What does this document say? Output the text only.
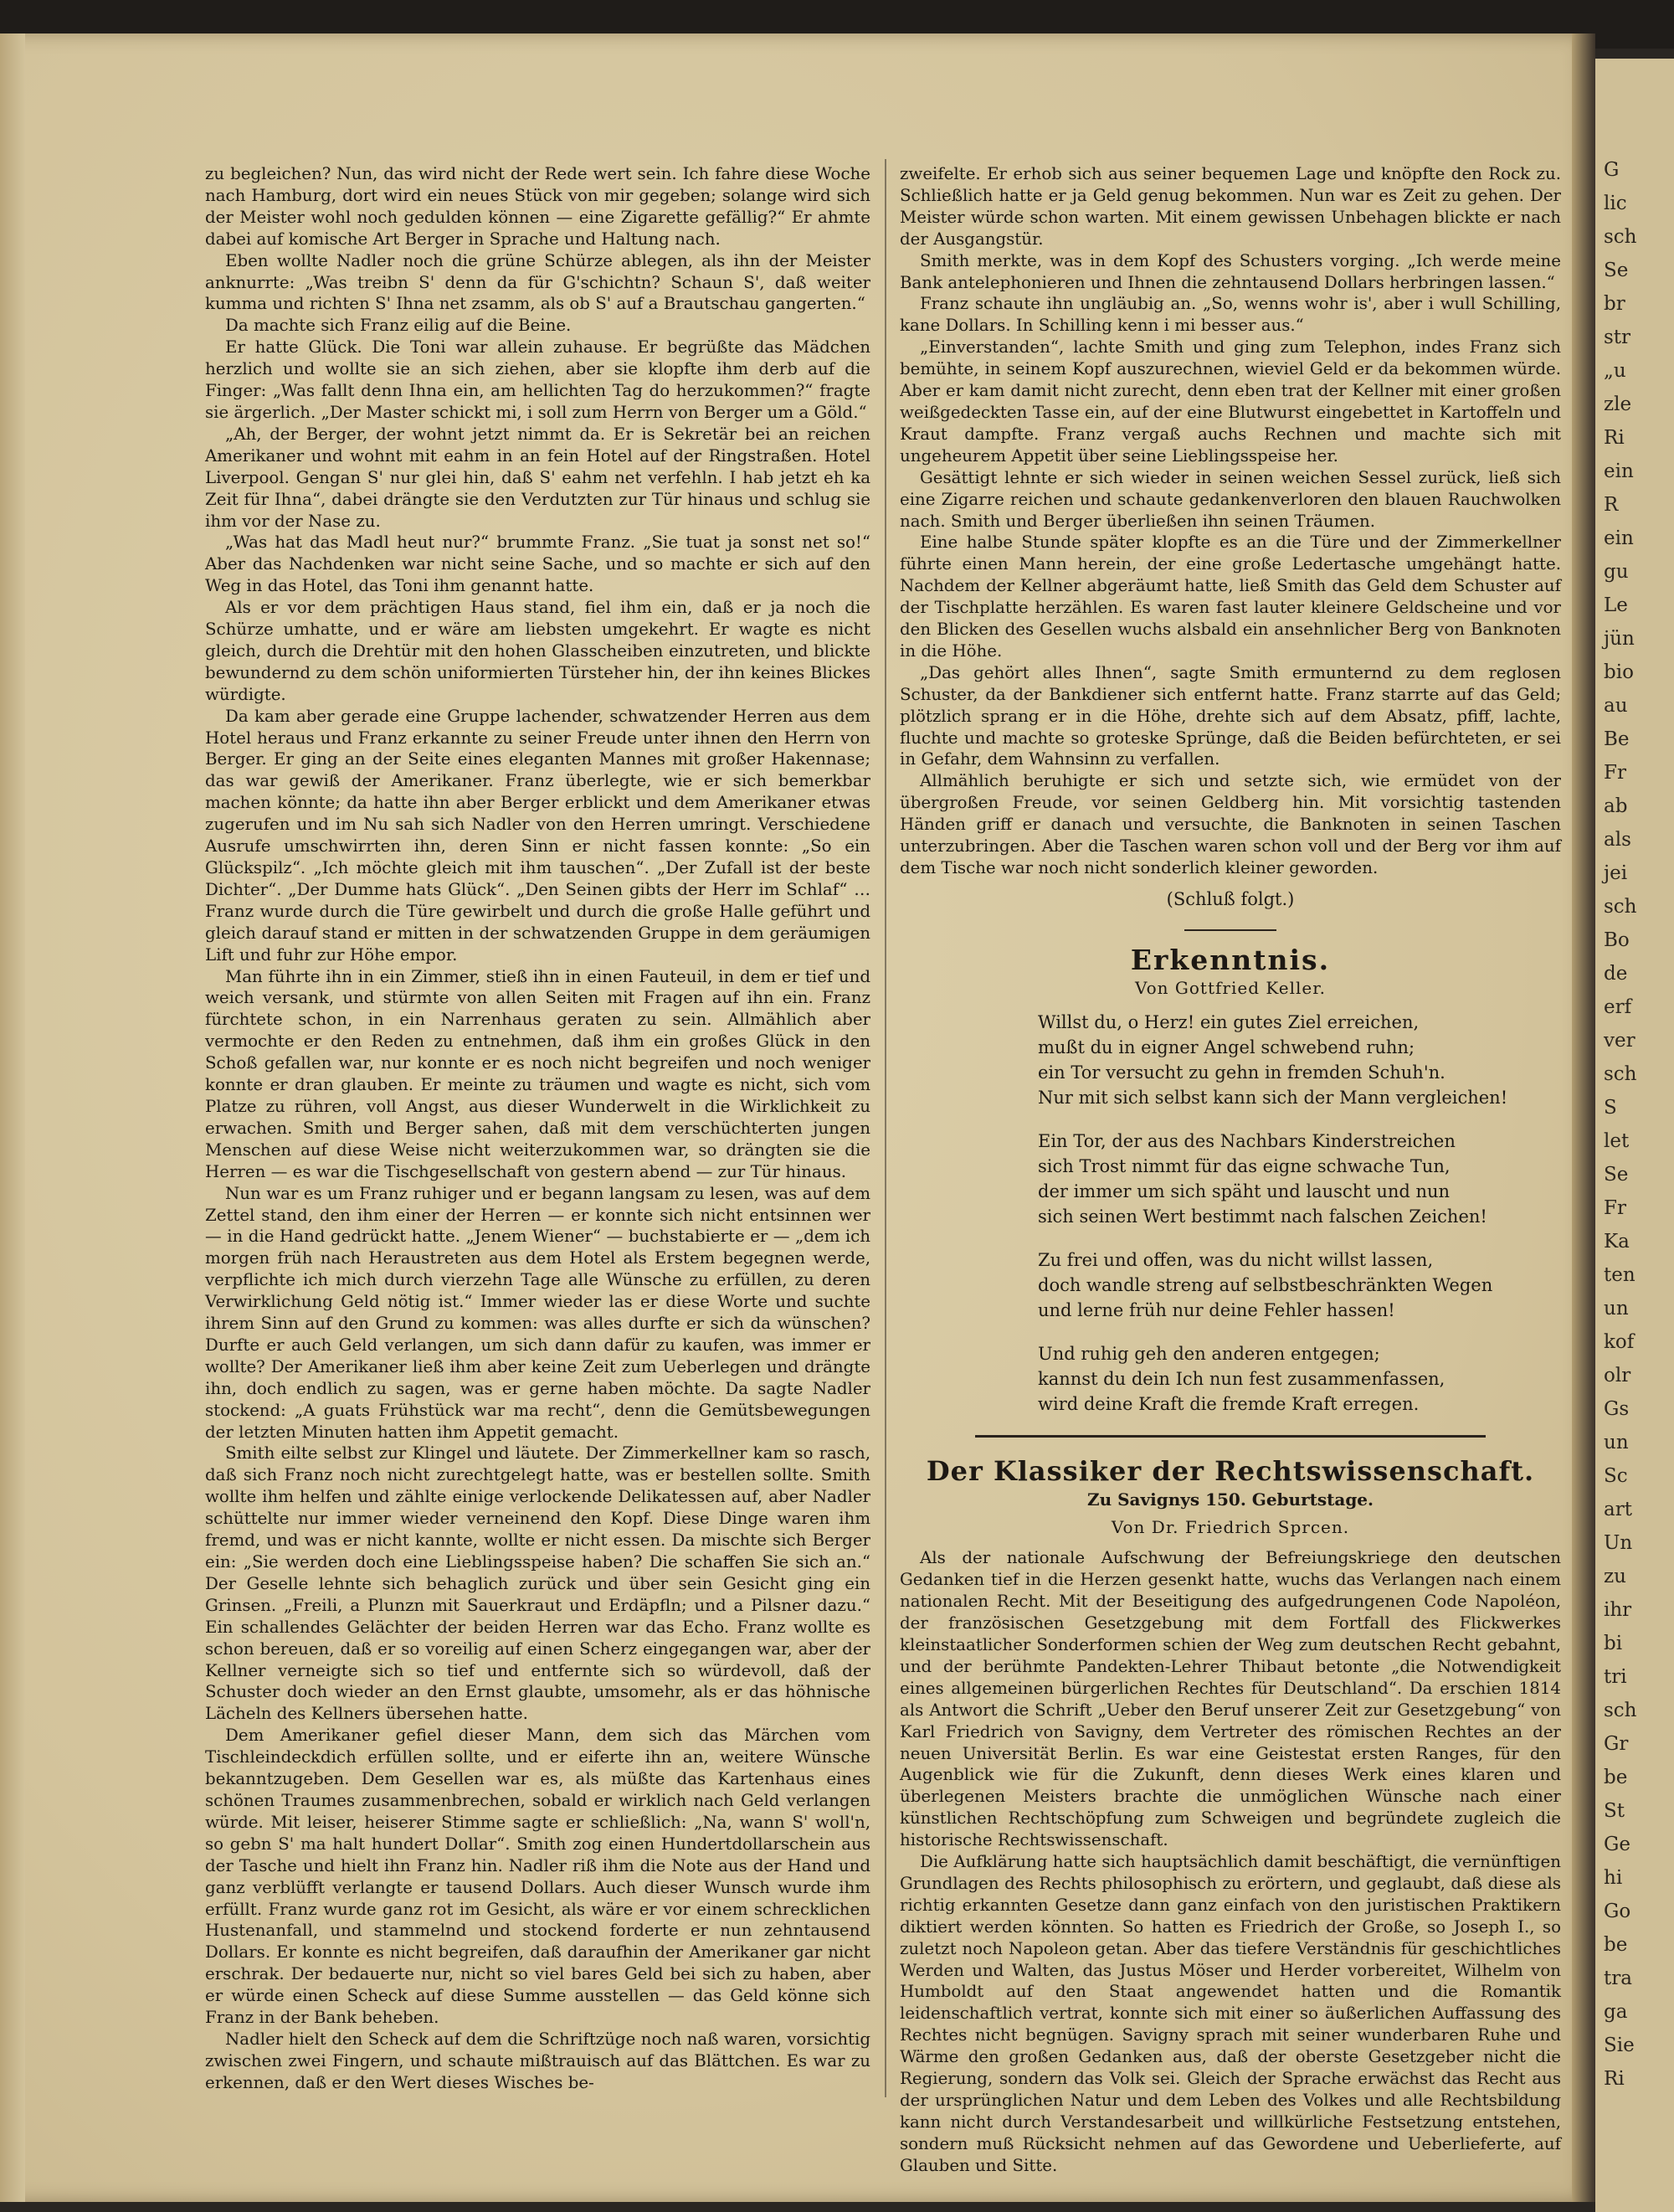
G
lic
sch
Se
br
str
„u
zle
Ri
ein
R
ein
gu
Le
jün
bio
au
Be
Fr
ab
als
jei
sch
Bo
de
erf
ver
sch
S
let
Se
Fr
Ka
ten
un
kof
olr
Gs
un
Sc
art
Un
zu
ihr
bi
tri
sch
Gr
be
St
Ge
hi
Go
be
tra
ga
Sie
Ri

zu begleichen? Nun, das wird nicht der Rede wert sein. Ich fahre diese Woche nach Hamburg, dort wird ein neues Stück von mir gegeben; solange wird sich der Meister wohl noch gedulden können — eine Zigarette gefällig?“ Er ahmte dabei auf komische Art Berger in Sprache und Haltung nach.

Eben wollte Nadler noch die grüne Schürze ablegen, als ihn der Meister anknurrte: „Was treibn S' denn da für G'schichtn? Schaun S', daß weiter kumma und richten S' Ihna net zsamm, als ob S' auf a Brautschau gangerten.“

Da machte sich Franz eilig auf die Beine.

Er hatte Glück. Die Toni war allein zuhause. Er begrüßte das Mädchen herzlich und wollte sie an sich ziehen, aber sie klopfte ihm derb auf die Finger: „Was fallt denn Ihna ein, am hellichten Tag do herzukommen?“ fragte sie ärgerlich. „Der Master schickt mi, i soll zum Herrn von Berger um a Göld.“

„Ah, der Berger, der wohnt jetzt nimmt da. Er is Sekretär bei an reichen Amerikaner und wohnt mit eahm in an fein Hotel auf der Ringstraßen. Hotel Liverpool. Gengan S' nur glei hin, daß S' eahm net verfehln. I hab jetzt eh ka Zeit für Ihna“, dabei drängte sie den Verdutzten zur Tür hinaus und schlug sie ihm vor der Nase zu.

„Was hat das Madl heut nur?“ brummte Franz. „Sie tuat ja sonst net so!“ Aber das Nachdenken war nicht seine Sache, und so machte er sich auf den Weg in das Hotel, das Toni ihm genannt hatte.

Als er vor dem prächtigen Haus stand, fiel ihm ein, daß er ja noch die Schürze umhatte, und er wäre am liebsten umgekehrt. Er wagte es nicht gleich, durch die Drehtür mit den hohen Glasscheiben einzutreten, und blickte bewundernd zu dem schön uniformierten Türsteher hin, der ihn keines Blickes würdigte.

Da kam aber gerade eine Gruppe lachender, schwatzender Herren aus dem Hotel heraus und Franz erkannte zu seiner Freude unter ihnen den Herrn von Berger. Er ging an der Seite eines eleganten Mannes mit großer Hakennase; das war gewiß der Amerikaner. Franz überlegte, wie er sich bemerkbar machen könnte; da hatte ihn aber Berger erblickt und dem Amerikaner etwas zugerufen und im Nu sah sich Nadler von den Herren umringt. Verschiedene Ausrufe umschwirrten ihn, deren Sinn er nicht fassen konnte: „So ein Glückspilz“. „Ich möchte gleich mit ihm tauschen“. „Der Zufall ist der beste Dichter“. „Der Dumme hats Glück“. „Den Seinen gibts der Herr im Schlaf“ … Franz wurde durch die Türe gewirbelt und durch die große Halle geführt und gleich darauf stand er mitten in der schwatzenden Gruppe in dem geräumigen Lift und fuhr zur Höhe empor.

Man führte ihn in ein Zimmer, stieß ihn in einen Fauteuil, in dem er tief und weich versank, und stürmte von allen Seiten mit Fragen auf ihn ein. Franz fürchtete schon, in ein Narrenhaus geraten zu sein. Allmählich aber vermochte er den Reden zu entnehmen, daß ihm ein großes Glück in den Schoß gefallen war, nur konnte er es noch nicht begreifen und noch weniger konnte er dran glauben. Er meinte zu träumen und wagte es nicht, sich vom Platze zu rühren, voll Angst, aus dieser Wunderwelt in die Wirklichkeit zu erwachen. Smith und Berger sahen, daß mit dem verschüchterten jungen Menschen auf diese Weise nicht weiterzukommen war, so drängten sie die Herren — es war die Tischgesellschaft von gestern abend — zur Tür hinaus.

Nun war es um Franz ruhiger und er begann langsam zu lesen, was auf dem Zettel stand, den ihm einer der Herren — er konnte sich nicht entsinnen wer — in die Hand gedrückt hatte. „Jenem Wiener“ — buchstabierte er — „dem ich morgen früh nach Heraustreten aus dem Hotel als Erstem begegnen werde, verpflichte ich mich durch vierzehn Tage alle Wünsche zu erfüllen, zu deren Verwirklichung Geld nötig ist.“ Immer wieder las er diese Worte und suchte ihrem Sinn auf den Grund zu kommen: was alles durfte er sich da wünschen? Durfte er auch Geld verlangen, um sich dann dafür zu kaufen, was immer er wollte? Der Amerikaner ließ ihm aber keine Zeit zum Ueberlegen und drängte ihn, doch endlich zu sagen, was er gerne haben möchte. Da sagte Nadler stockend: „A guats Frühstück war ma recht“, denn die Gemütsbewegungen der letzten Minuten hatten ihm Appetit gemacht.

Smith eilte selbst zur Klingel und läutete. Der Zimmerkellner kam so rasch, daß sich Franz noch nicht zurechtgelegt hatte, was er bestellen sollte. Smith wollte ihm helfen und zählte einige verlockende Delikatessen auf, aber Nadler schüttelte nur immer wieder verneinend den Kopf. Diese Dinge waren ihm fremd, und was er nicht kannte, wollte er nicht essen. Da mischte sich Berger ein: „Sie werden doch eine Lieblingsspeise haben? Die schaffen Sie sich an.“ Der Geselle lehnte sich behaglich zurück und über sein Gesicht ging ein Grinsen. „Freili, a Plunzn mit Sauerkraut und Erdäpfln; und a Pilsner dazu.“ Ein schallendes Gelächter der beiden Herren war das Echo. Franz wollte es schon bereuen, daß er so voreilig auf einen Scherz eingegangen war, aber der Kellner verneigte sich so tief und entfernte sich so würdevoll, daß der Schuster doch wieder an den Ernst glaubte, umsomehr, als er das höhnische Lächeln des Kellners übersehen hatte.

Dem Amerikaner gefiel dieser Mann, dem sich das Märchen vom Tischleindeckdich erfüllen sollte, und er eiferte ihn an, weitere Wünsche bekanntzugeben. Dem Gesellen war es, als müßte das Kartenhaus eines schönen Traumes zusammenbrechen, sobald er wirklich nach Geld verlangen würde. Mit leiser, heiserer Stimme sagte er schließlich: „Na, wann S' woll'n, so gebn S' ma halt hundert Dollar“. Smith zog einen Hundertdollarschein aus der Tasche und hielt ihn Franz hin. Nadler riß ihm die Note aus der Hand und ganz verblüfft verlangte er tausend Dollars. Auch dieser Wunsch wurde ihm erfüllt. Franz wurde ganz rot im Gesicht, als wäre er vor einem schrecklichen Hustenanfall, und stammelnd und stockend forderte er nun zehntausend Dollars. Er konnte es nicht begreifen, daß daraufhin der Amerikaner gar nicht erschrak. Der bedauerte nur, nicht so viel bares Geld bei sich zu haben, aber er würde einen Scheck auf diese Summe ausstellen — das Geld könne sich Franz in der Bank beheben.

Nadler hielt den Scheck auf dem die Schriftzüge noch naß waren, vorsichtig zwischen zwei Fingern, und schaute mißtrauisch auf das Blättchen. Es war zu erkennen, daß er den Wert dieses Wisches be-

zweifelte. Er erhob sich aus seiner bequemen Lage und knöpfte den Rock zu. Schließlich hatte er ja Geld genug bekommen. Nun war es Zeit zu gehen. Der Meister würde schon warten. Mit einem gewissen Unbehagen blickte er nach der Ausgangstür.

Smith merkte, was in dem Kopf des Schusters vorging. „Ich werde meine Bank antelephonieren und Ihnen die zehntausend Dollars herbringen lassen.“

Franz schaute ihn ungläubig an. „So, wenns wohr is', aber i wull Schilling, kane Dollars. In Schilling kenn i mi besser aus.“

„Einverstanden“, lachte Smith und ging zum Telephon, indes Franz sich bemühte, in seinem Kopf auszurechnen, wieviel Geld er da bekommen würde. Aber er kam damit nicht zurecht, denn eben trat der Kellner mit einer großen weißgedeckten Tasse ein, auf der eine Blutwurst eingebettet in Kartoffeln und Kraut dampfte. Franz vergaß auchs Rechnen und machte sich mit ungeheurem Appetit über seine Lieblingsspeise her.

Gesättigt lehnte er sich wieder in seinen weichen Sessel zurück, ließ sich eine Zigarre reichen und schaute gedankenverloren den blauen Rauchwolken nach. Smith und Berger überließen ihn seinen Träumen.

Eine halbe Stunde später klopfte es an die Türe und der Zimmerkellner führte einen Mann herein, der eine große Ledertasche umgehängt hatte. Nachdem der Kellner abgeräumt hatte, ließ Smith das Geld dem Schuster auf der Tischplatte herzählen. Es waren fast lauter kleinere Geldscheine und vor den Blicken des Gesellen wuchs alsbald ein ansehnlicher Berg von Banknoten in die Höhe.

„Das gehört alles Ihnen“, sagte Smith ermunternd zu dem reglosen Schuster, da der Bankdiener sich entfernt hatte. Franz starrte auf das Geld; plötzlich sprang er in die Höhe, drehte sich auf dem Absatz, pfiff, lachte, fluchte und machte so groteske Sprünge, daß die Beiden befürchteten, er sei in Gefahr, dem Wahnsinn zu verfallen.

Allmählich beruhigte er sich und setzte sich, wie ermüdet von der übergroßen Freude, vor seinen Geldberg hin. Mit vorsichtig tastenden Händen griff er danach und versuchte, die Banknoten in seinen Taschen unterzubringen. Aber die Taschen waren schon voll und der Berg vor ihm auf dem Tische war noch nicht sonderlich kleiner geworden.

(Schluß folgt.)

Erkenntnis.
Von Gottfried Keller.
Willst du, o Herz! ein gutes Ziel erreichen,
mußt du in eigner Angel schwebend ruhn;
ein Tor versucht zu gehn in fremden Schuh'n.
Nur mit sich selbst kann sich der Mann vergleichen!
Ein Tor, der aus des Nachbars Kinderstreichen
sich Trost nimmt für das eigne schwache Tun,
der immer um sich späht und lauscht und nun
sich seinen Wert bestimmt nach falschen Zeichen!
Zu frei und offen, was du nicht willst lassen,
doch wandle streng auf selbstbeschränkten Wegen
und lerne früh nur deine Fehler hassen!
Und ruhig geh den anderen entgegen;
kannst du dein Ich nun fest zusammenfassen,
wird deine Kraft die fremde Kraft erregen.
Der Klassiker der Rechtswissenschaft.
Zu Savignys 150. Geburtstage.
Von Dr. Friedrich Sprcen.

Als der nationale Aufschwung der Befreiungskriege den deutschen Gedanken tief in die Herzen gesenkt hatte, wuchs das Verlangen nach einem nationalen Recht. Mit der Beseitigung des aufgedrungenen Code Napoléon, der französischen Gesetzgebung mit dem Fortfall des Flickwerkes kleinstaatlicher Sonderformen schien der Weg zum deutschen Recht gebahnt, und der berühmte Pandekten-Lehrer Thibaut betonte „die Notwendigkeit eines allgemeinen bürgerlichen Rechtes für Deutschland“. Da erschien 1814 als Antwort die Schrift „Ueber den Beruf unserer Zeit zur Gesetzgebung“ von Karl Friedrich von Savigny, dem Vertreter des römischen Rechtes an der neuen Universität Berlin. Es war eine Geistestat ersten Ranges, für den Augenblick wie für die Zukunft, denn dieses Werk eines klaren und überlegenen Meisters brachte die unmöglichen Wünsche nach einer künstlichen Rechtschöpfung zum Schweigen und begründete zugleich die historische Rechtswissenschaft.

Die Aufklärung hatte sich hauptsächlich damit beschäftigt, die vernünftigen Grundlagen des Rechts philosophisch zu erörtern, und geglaubt, daß diese als richtig erkannten Gesetze dann ganz einfach von den juristischen Praktikern diktiert werden könnten. So hatten es Friedrich der Große, so Joseph I., so zuletzt noch Napoleon getan. Aber das tiefere Verständnis für geschichtliches Werden und Walten, das Justus Möser und Herder vorbereitet, Wilhelm von Humboldt auf den Staat angewendet hatten und die Romantik leidenschaftlich vertrat, konnte sich mit einer so äußerlichen Auffassung des Rechtes nicht begnügen. Savigny sprach mit seiner wunderbaren Ruhe und Wärme den großen Gedanken aus, daß der oberste Gesetzgeber nicht die Regierung, sondern das Volk sei. Gleich der Sprache erwächst das Recht aus der ursprünglichen Natur und dem Leben des Volkes und alle Rechtsbildung kann nicht durch Verstandesarbeit und willkürliche Festsetzung entstehen, sondern muß Rücksicht nehmen auf das Gewordene und Ueberlieferte, auf Glauben und Sitte.
